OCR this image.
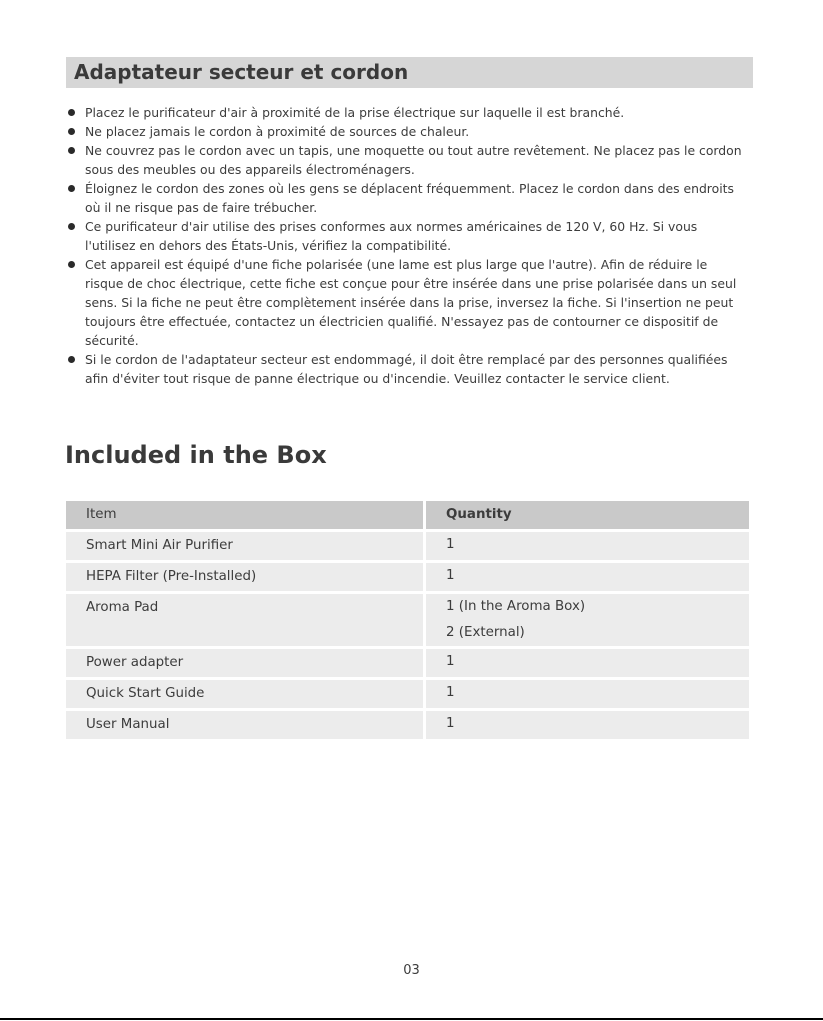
Adaptateur secteur et cordon
Placez le purificateur d'air à proximité de la prise électrique sur laquelle il est branché.
Ne placez jamais le cordon à proximité de sources de chaleur.
Ne couvrez pas le cordon avec un tapis, une moquette ou tout autre revêtement. Ne placez pas le cordon sous des meubles ou des appareils électroménagers.
Éloignez le cordon des zones où les gens se déplacent fréquemment. Placez le cordon dans des endroits où il ne risque pas de faire trébucher.
Ce purificateur d'air utilise des prises conformes aux normes américaines de 120 V, 60 Hz. Si vous l'utilisez en dehors des États-Unis, vérifiez la compatibilité.
Cet appareil est équipé d'une fiche polarisée (une lame est plus large que l'autre). Afin de réduire le risque de choc électrique, cette fiche est conçue pour être insérée dans une prise polarisée dans un seul sens. Si la fiche ne peut être complètement insérée dans la prise, inversez la fiche. Si l'insertion ne peut toujours être effectuée, contactez un électricien qualifié. N'essayez pas de contourner ce dispositif de sécurité.
Si le cordon de l'adaptateur secteur est endommagé, il doit être remplacé par des personnes qualifiées afin d'éviter tout risque de panne électrique ou d'incendie. Veuillez contacter le service client.
Included in the Box
Item	Quantity
Smart Mini Air Purifier	1

HEPA Filter (Pre-Installed)	1

Aroma Pad	1 (In the Aroma Box)
2 (External)

Power adapter	1

Quick Start Guide	1

User Manual	1
03
